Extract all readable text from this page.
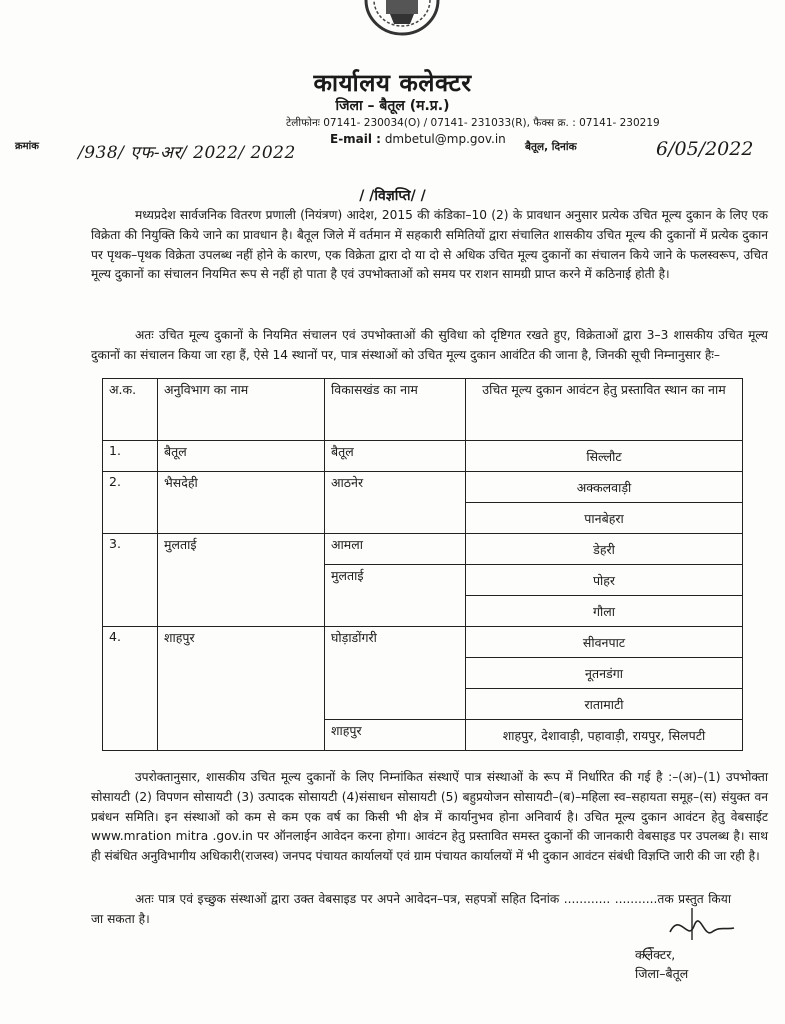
कार्यालय कलेक्टर
जिला – बैतूल (म.प्र.)
टेलीफोनः 07141- 230034(O) / 07141- 231033(R), फैक्स क्र. : 07141- 230219
E-mail : dmbetul@mp.gov.in
क्रमांक /938/ एफ-अर/ 2022/ 2022	बैतूल, दिनांक	6/05/2022
/ /विज्ञप्ति/ /
मध्यप्रदेश सार्वजनिक वितरण प्रणाली (नियंत्रण) आदेश, 2015 की कंडिका–10 (2) के प्रावधान अनुसार प्रत्येक उचित मूल्य दुकान के लिए एक विक्रेता की नियुक्ति किये जाने का प्रावधान है। बैतूल जिले में वर्तमान में सहकारी समितियों द्वारा संचालित शासकीय उचित मूल्य की दुकानों में प्रत्येक दुकान पर पृथक–पृथक विक्रेता उपलब्ध नहीं होने के कारण, एक विक्रेता द्वारा दो या दो से अधिक उचित मूल्य दुकानों का संचालन किये जाने के फलस्वरूप, उचित मूल्य दुकानों का संचालन नियमित रूप से नहीं हो पाता है एवं उपभोक्ताओं को समय पर राशन सामग्री प्राप्त करने में कठिनाई होती है।
अतः उचित मूल्य दुकानों के नियमित संचालन एवं उपभोक्ताओं की सुविधा को दृष्टिगत रखते हुए, विक्रेताओं द्वारा 3–3 शासकीय उचित मूल्य दुकानों का संचालन किया जा रहा हैं, ऐसे 14 स्थानों पर, पात्र संस्थाओं को उचित मूल्य दुकान आवंटित की जाना है, जिनकी सूची निम्नानुसार हैः–
अ.क.	अनुविभाग का नाम	विकासखंड का नाम	उचित मूल्य दुकान आवंटन हेतु प्रस्तावित स्थान का नाम
1.	बैतूल	बैतूल	सिल्लौट
2.	भैसदेही	आठनेर	अक्कलवाड़ी
			पानबेहरा
3.	मुलताई	आमला	डेहरी
		मुलताई	पोहर
			गौला
4.	शाहपुर	घोड़ाडोंगरी	सीवनपाट
			नूतनडंगा
			रातामाटी
		शाहपुर	शाहपुर, देशावाड़ी, पहावाड़ी, रायपुर, सिलपटी
उपरोक्तानुसार, शासकीय उचित मूल्य दुकानों के लिए निम्नांकित संस्थाऐं पात्र संस्थाओं के रूप में निर्धारित की गई है :–(अ)–(1) उपभोक्ता सोसायटी (2) विपणन सोसायटी (3) उत्पादक सोसायटी (4)संसाधन सोसायटी (5) बहुप्रयोजन सोसायटी–(ब)–महिला स्व–सहायता समूह–(स) संयुक्त वन प्रबंधन समिति। इन संस्थाओं को कम से कम एक वर्ष का किसी भी क्षेत्र में कार्यानुभव होना अनिवार्य है। उचित मूल्य दुकान आवंटन हेतु वेबसाईट www.mration mitra .gov.in पर ऑनलाईन आवेदन करना होगा। आवंटन हेतु प्रस्तावित समस्त दुकानों की जानकारी वेबसाइड पर उपलब्ध है। साथ ही संबंधित अनुविभागीय अधिकारी(राजस्व) जनपद पंचायत कार्यालयों एवं ग्राम पंचायत कार्यालयों में भी दुकान आवंटन संबंधी विज्ञप्ति जारी की जा रही है।
अतः पात्र एवं इच्छुक संस्थाओं द्वारा उक्त वेबसाइड पर अपने आवेदन–पत्र, सहपत्रों सहित दिनांक ............ ...........तक प्रस्तुत किया जा सकता है।
कलेक्टर,
जिला–बैतूल
